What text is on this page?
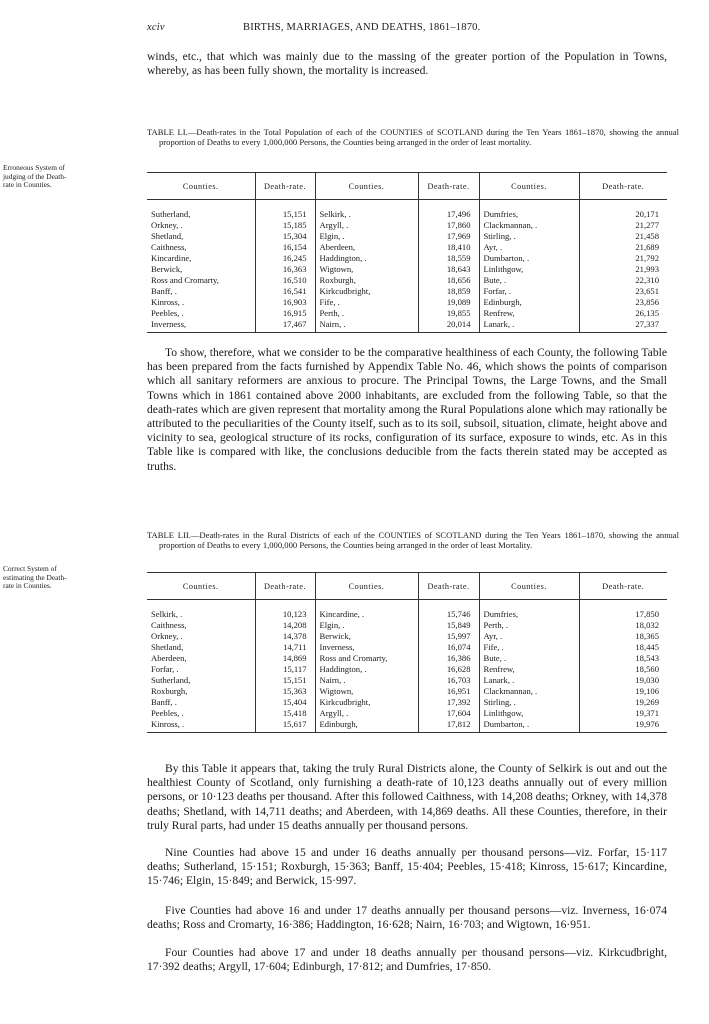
xciv	BIRTHS, MARRIAGES, AND DEATHS, 1861–1870.

winds, etc., that which was mainly due to the massing of the greater portion of the Population in Towns, whereby, as has been fully shown, the mortality is increased.

TABLE LI.—Death-rates in the Total Population of each of the COUNTIES of SCOTLAND during the Ten Years 1861–1870, showing the annual proportion of Deaths to every 1,000,000 Persons, the Counties being arranged in the order of least mortality.

Erroneous System of judging of the Death-rate in Counties.	Counties.	Death-rate.	Counties.	Death-rate.	Counties.	Death-rate.

Sutherland,	15,151	Selkirk, .	17,496	Dumfries,	20,171
Orkney, .	15,185	Argyll, .	17,860	Clackmannan, .	21,277
Shetland,	15,304	Elgin, .	17,969	Stirling, .	21,458
Caithness,	16,154	Aberdeen,	18,410	Ayr, .	21,689
Kincardine,	16,245	Haddington, .	18,559	Dumbarton, .	21,792
Berwick,	16,363	Wigtown,	18,643	Linlithgow,	21,993
Ross and Cromarty,	16,510	Roxburgh,	18,656	Bute, .	22,310
Banff, .	16,541	Kirkcudbright,	18,859	Forfar, .	23,651
Kinross, .	16,903	Fife, .	19,089	Edinburgh,	23,856
Peebles, .	16,915	Perth, .	19,855	Renfrew,	26,135
Inverness,	17,467	Nairn, .	20,014	Lanark, .	27,337

To show, therefore, what we consider to be the comparative healthiness of each County, the following Table has been prepared from the facts furnished by Appendix Table No. 46, which shows the points of comparison which all sanitary reformers are anxious to procure. The Principal Towns, the Large Towns, and the Small Towns which in 1861 contained above 2000 inhabitants, are excluded from the following Table, so that the death-rates which are given represent that mortality among the Rural Populations alone which may rationally be attributed to the peculiarities of the County itself, such as to its soil, subsoil, situation, climate, height above and vicinity to sea, geological structure of its rocks, configuration of its surface, exposure to winds, etc. As in this Table like is compared with like, the conclusions deducible from the facts therein stated may be accepted as truths.

TABLE LII.—Death-rates in the Rural Districts of each of the COUNTIES of SCOTLAND during the Ten Years 1861–1870, showing the annual proportion of Deaths to every 1,000,000 Persons, the Counties being arranged in the order of least Mortality.

Correct System of estimating the Death-rate in Counties.	Counties.	Death-rate.	Counties.	Death-rate.	Counties.	Death-rate.

Selkirk, .	10,123	Kincardine, .	15,746	Dumfries,	17,850
Caithness,	14,208	Elgin, .	15,849	Perth, .	18,032
Orkney, .	14,378	Berwick,	15,997	Ayr, .	18,365
Shetland,	14,711	Inverness,	16,074	Fife, .	18,445
Aberdeen,	14,869	Ross and Cromarty,	16,386	Bute, .	18,543
Forfar, .	15,117	Haddington, .	16,628	Renfrew,	18,560
Sutherland,	15,151	Nairn, .	16,703	Lanark, .	19,030
Roxburgh,	15,363	Wigtown,	16,951	Clackmannan, .	19,106
Banff, .	15,404	Kirkcudbright,	17,392	Stirling, .	19,269
Peebles, .	15,418	Argyll, .	17,604	Linlithgow,	19,371
Kinross, .	15,617	Edinburgh,	17,812	Dumbarton, .	19,976

By this Table it appears that, taking the truly Rural Districts alone, the County of Selkirk is out and out the healthiest County of Scotland, only furnishing a death-rate of 10,123 deaths annually out of every million persons, or 10·123 deaths per thousand. After this followed Caithness, with 14,208 deaths; Orkney, with 14,378 deaths; Shetland, with 14,711 deaths; and Aberdeen, with 14,869 deaths. All these Counties, therefore, in their truly Rural parts, had under 15 deaths annually per thousand persons.

Nine Counties had above 15 and under 16 deaths annually per thousand persons—viz. Forfar, 15·117 deaths; Sutherland, 15·151; Roxburgh, 15·363; Banff, 15·404; Peebles, 15·418; Kinross, 15·617; Kincardine, 15·746; Elgin, 15·849; and Berwick, 15·997.

Five Counties had above 16 and under 17 deaths annually per thousand persons—viz. Inverness, 16·074 deaths; Ross and Cromarty, 16·386; Haddington, 16·628; Nairn, 16·703; and Wigtown, 16·951.

Four Counties had above 17 and under 18 deaths annually per thousand persons—viz. Kirkcudbright, 17·392 deaths; Argyll, 17·604; Edinburgh, 17·812; and Dumfries, 17·850.
